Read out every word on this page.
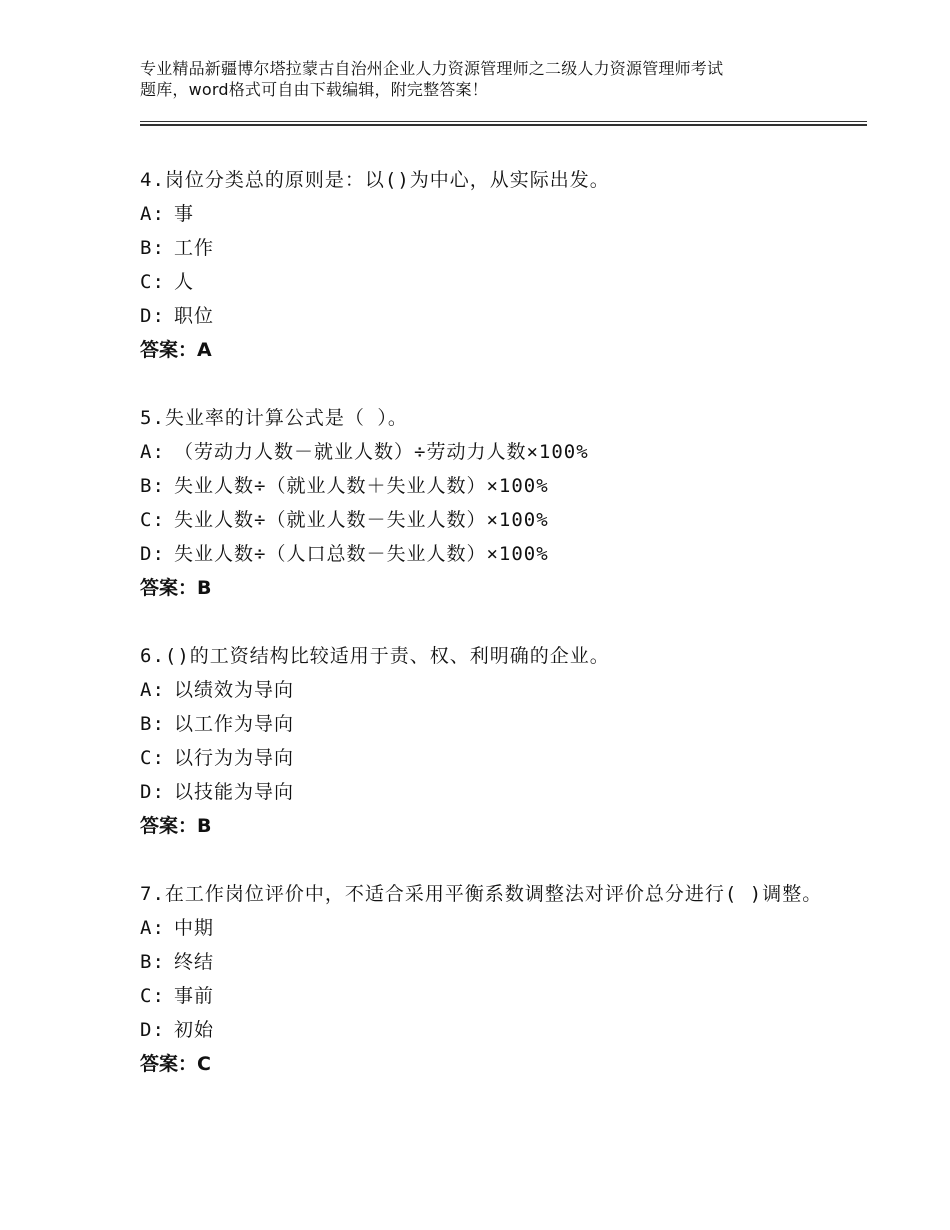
专业精品新疆博尔塔拉蒙古自治州企业人力资源管理师之二级人力资源管理师考试
题库，word格式可自由下载编辑，附完整答案！

4.岗位分类总的原则是：以()为中心，从实际出发。

A: 事

B: 工作

C: 人

D: 职位

答案：A

5.失业率的计算公式是（ ）。

A: （劳动力人数－就业人数）÷劳动力人数×100%

B: 失业人数÷（就业人数＋失业人数）×100%

C: 失业人数÷（就业人数－失业人数）×100%

D: 失业人数÷（人口总数－失业人数）×100%

答案：B

6.()的工资结构比较适用于责、权、利明确的企业。

A: 以绩效为导向

B: 以工作为导向

C: 以行为为导向

D: 以技能为导向

答案：B

7.在工作岗位评价中，不适合采用平衡系数调整法对评价总分进行( )调整。

A: 中期

B: 终结

C: 事前

D: 初始

答案：C
